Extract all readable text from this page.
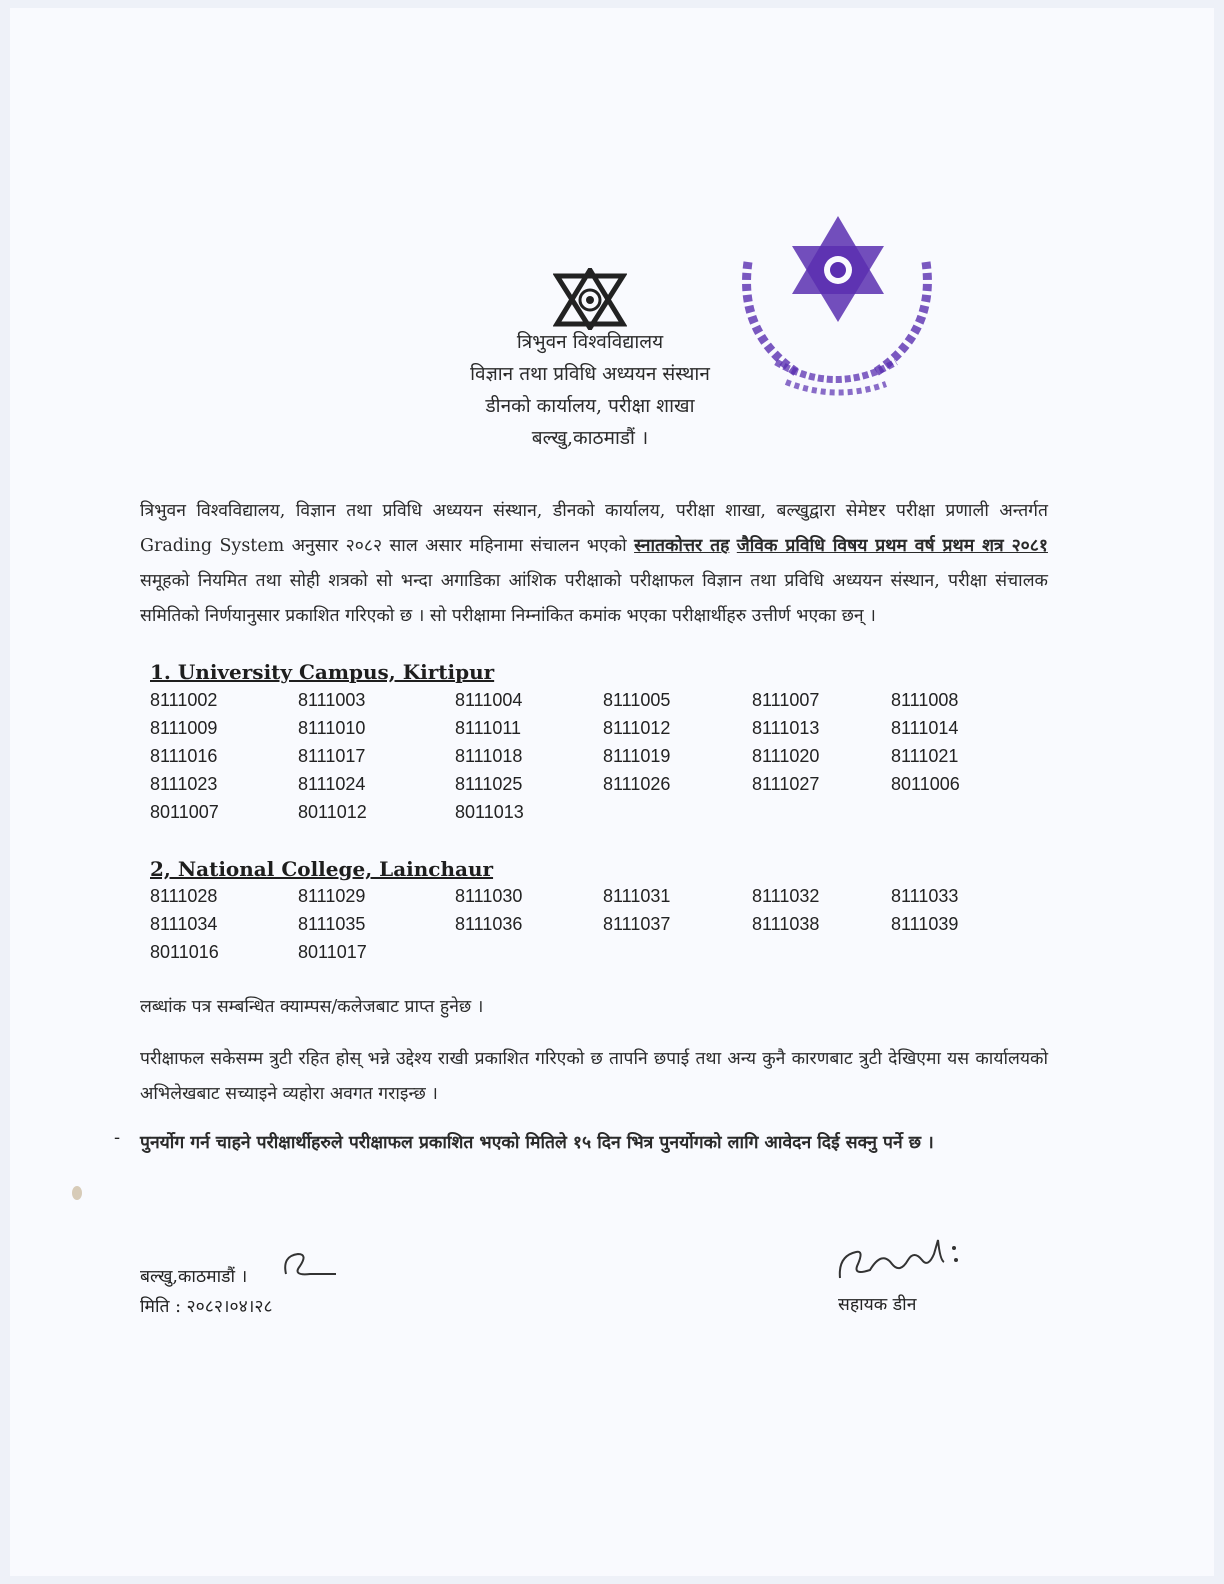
त्रिभुवन विश्वविद्यालय
विज्ञान तथा प्रविधि अध्ययन संस्थान
डीनको कार्यालय, परीक्षा शाखा
बल्खु,काठमाडौं ।
त्रिभुवन विश्वविद्यालय, विज्ञान तथा प्रविधि अध्ययन संस्थान, डीनको कार्यालय, परीक्षा शाखा, बल्खुद्वारा सेमेष्टर परीक्षा प्रणाली अन्तर्गत Grading System अनुसार २०८२ साल असार महिनामा संचालन भएको स्नातकोत्तर तह जैविक प्रविधि विषय प्रथम वर्ष प्रथम शत्र २०८१ समूहको नियमित तथा सोही शत्रको सो भन्दा अगाडिका आंशिक परीक्षाको परीक्षाफल विज्ञान तथा प्रविधि अध्ययन संस्थान, परीक्षा संचालक समितिको निर्णयानुसार प्रकाशित गरिएको छ । सो परीक्षामा निम्नांकित कमांक भएका परीक्षार्थीहरु उत्तीर्ण भएका छन् ।
1. University Campus, Kirtipur
8111002	8111003	8111004	8111005	8111007	8111008
8111009	8111010	8111011	8111012	8111013	8111014
8111016	8111017	8111018	8111019	8111020	8111021
8111023	8111024	8111025	8111026	8111027	8011006
8011007	8011012	8011013
2, National College, Lainchaur
8111028	8111029	8111030	8111031	8111032	8111033
8111034	8111035	8111036	8111037	8111038	8111039
8011016	8011017
लब्धांक पत्र सम्बन्धित क्याम्पस/कलेजबाट प्राप्त हुनेछ ।
परीक्षाफल सकेसम्म त्रुटी रहित होस् भन्ने उद्देश्य राखी प्रकाशित गरिएको छ तापनि छपाई तथा अन्य कुनै कारणबाट त्रुटी देखिएमा यस कार्यालयको अभिलेखबाट सच्याइने व्यहोरा अवगत गराइन्छ ।
- पुनर्योग गर्न चाहने परीक्षार्थीहरुले परीक्षाफल प्रकाशित भएको मितिले १५ दिन भित्र पुनर्योगको लागि आवेदन दिई सक्नु पर्ने छ ।
बल्खु,काठमाडौं ।
मिति : २०८२।०४।२८	सहायक डीन
